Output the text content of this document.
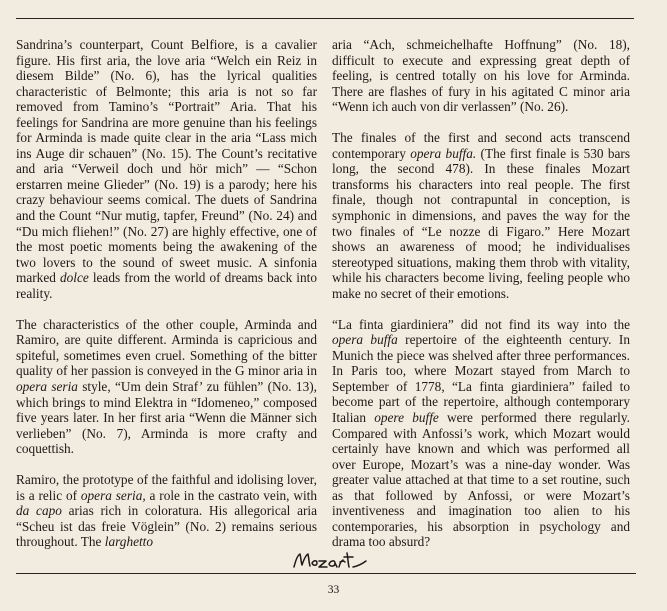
Sandrina’s counterpart, Count Belfiore, is a cavalier figure. His first aria, the love aria “Welch ein Reiz in diesem Bilde” (No. 6), has the lyrical qualities characteristic of Belmonte; this aria is not so far removed from Tamino’s “Portrait” Aria. That his feelings for Sandrina are more genuine than his feelings for Arminda is made quite clear in the aria “Lass mich ins Auge dir schauen” (No. 15). The Count’s recitative and aria “Verweil doch und hör mich” — “Schon erstarren meine Glieder” (No. 19) is a parody; here his crazy behaviour seems comical. The duets of Sandrina and the Count “Nur mutig, tapfer, Freund” (No. 24) and “Du mich fliehen!” (No. 27) are highly effective, one of the most poetic moments being the awakening of the two lovers to the sound of sweet music. A sinfonia marked dolce leads from the world of dreams back into reality.

The characteristics of the other couple, Arminda and Ramiro, are quite different. Arminda is capricious and spiteful, sometimes even cruel. Something of the bitter quality of her passion is conveyed in the G minor aria in opera seria style, “Um dein Straf’ zu fühlen” (No. 13), which brings to mind Elektra in “Idomeneo,” composed five years later. In her first aria “Wenn die Männer sich verlieben” (No. 7), Arminda is more crafty and coquettish.

Ramiro, the prototype of the faithful and idolising lover, is a relic of opera seria, a role in the castrato vein, with da capo arias rich in coloratura. His allegorical aria “Scheu ist das freie Vöglein” (No. 2) remains serious throughout. The larghetto

aria “Ach, schmeichelhafte Hoffnung” (No. 18), difficult to execute and expressing great depth of feeling, is centred totally on his love for Arminda. There are flashes of fury in his agitated C minor aria “Wenn ich auch von dir verlassen” (No. 26).

The finales of the first and second acts transcend contemporary opera buffa. (The first finale is 530 bars long, the second 478). In these finales Mozart transforms his characters into real people. The first finale, though not contrapuntal in conception, is symphonic in dimensions, and paves the way for the two finales of “Le nozze di Figaro.” Here Mozart shows an awareness of mood; he individualises stereotyped situations, making them throb with vitality, while his characters become living, feeling people who make no secret of their emotions.

“La finta giardiniera” did not find its way into the opera buffa repertoire of the eighteenth century. In Munich the piece was shelved after three performances. In Paris too, where Mozart stayed from March to September of 1778, “La finta giardiniera” failed to become part of the repertoire, although contemporary Italian opere buffe were performed there regularly. Compared with Anfossi’s work, which Mozart would certainly have known and which was performed all over Europe, Mozart’s was a nine-day wonder. Was greater value attached at that time to a set routine, such as that followed by Anfossi, or were Mozart’s inventiveness and imagination too alien to his contemporaries, his absorption in psychology and drama too absurd?

33
